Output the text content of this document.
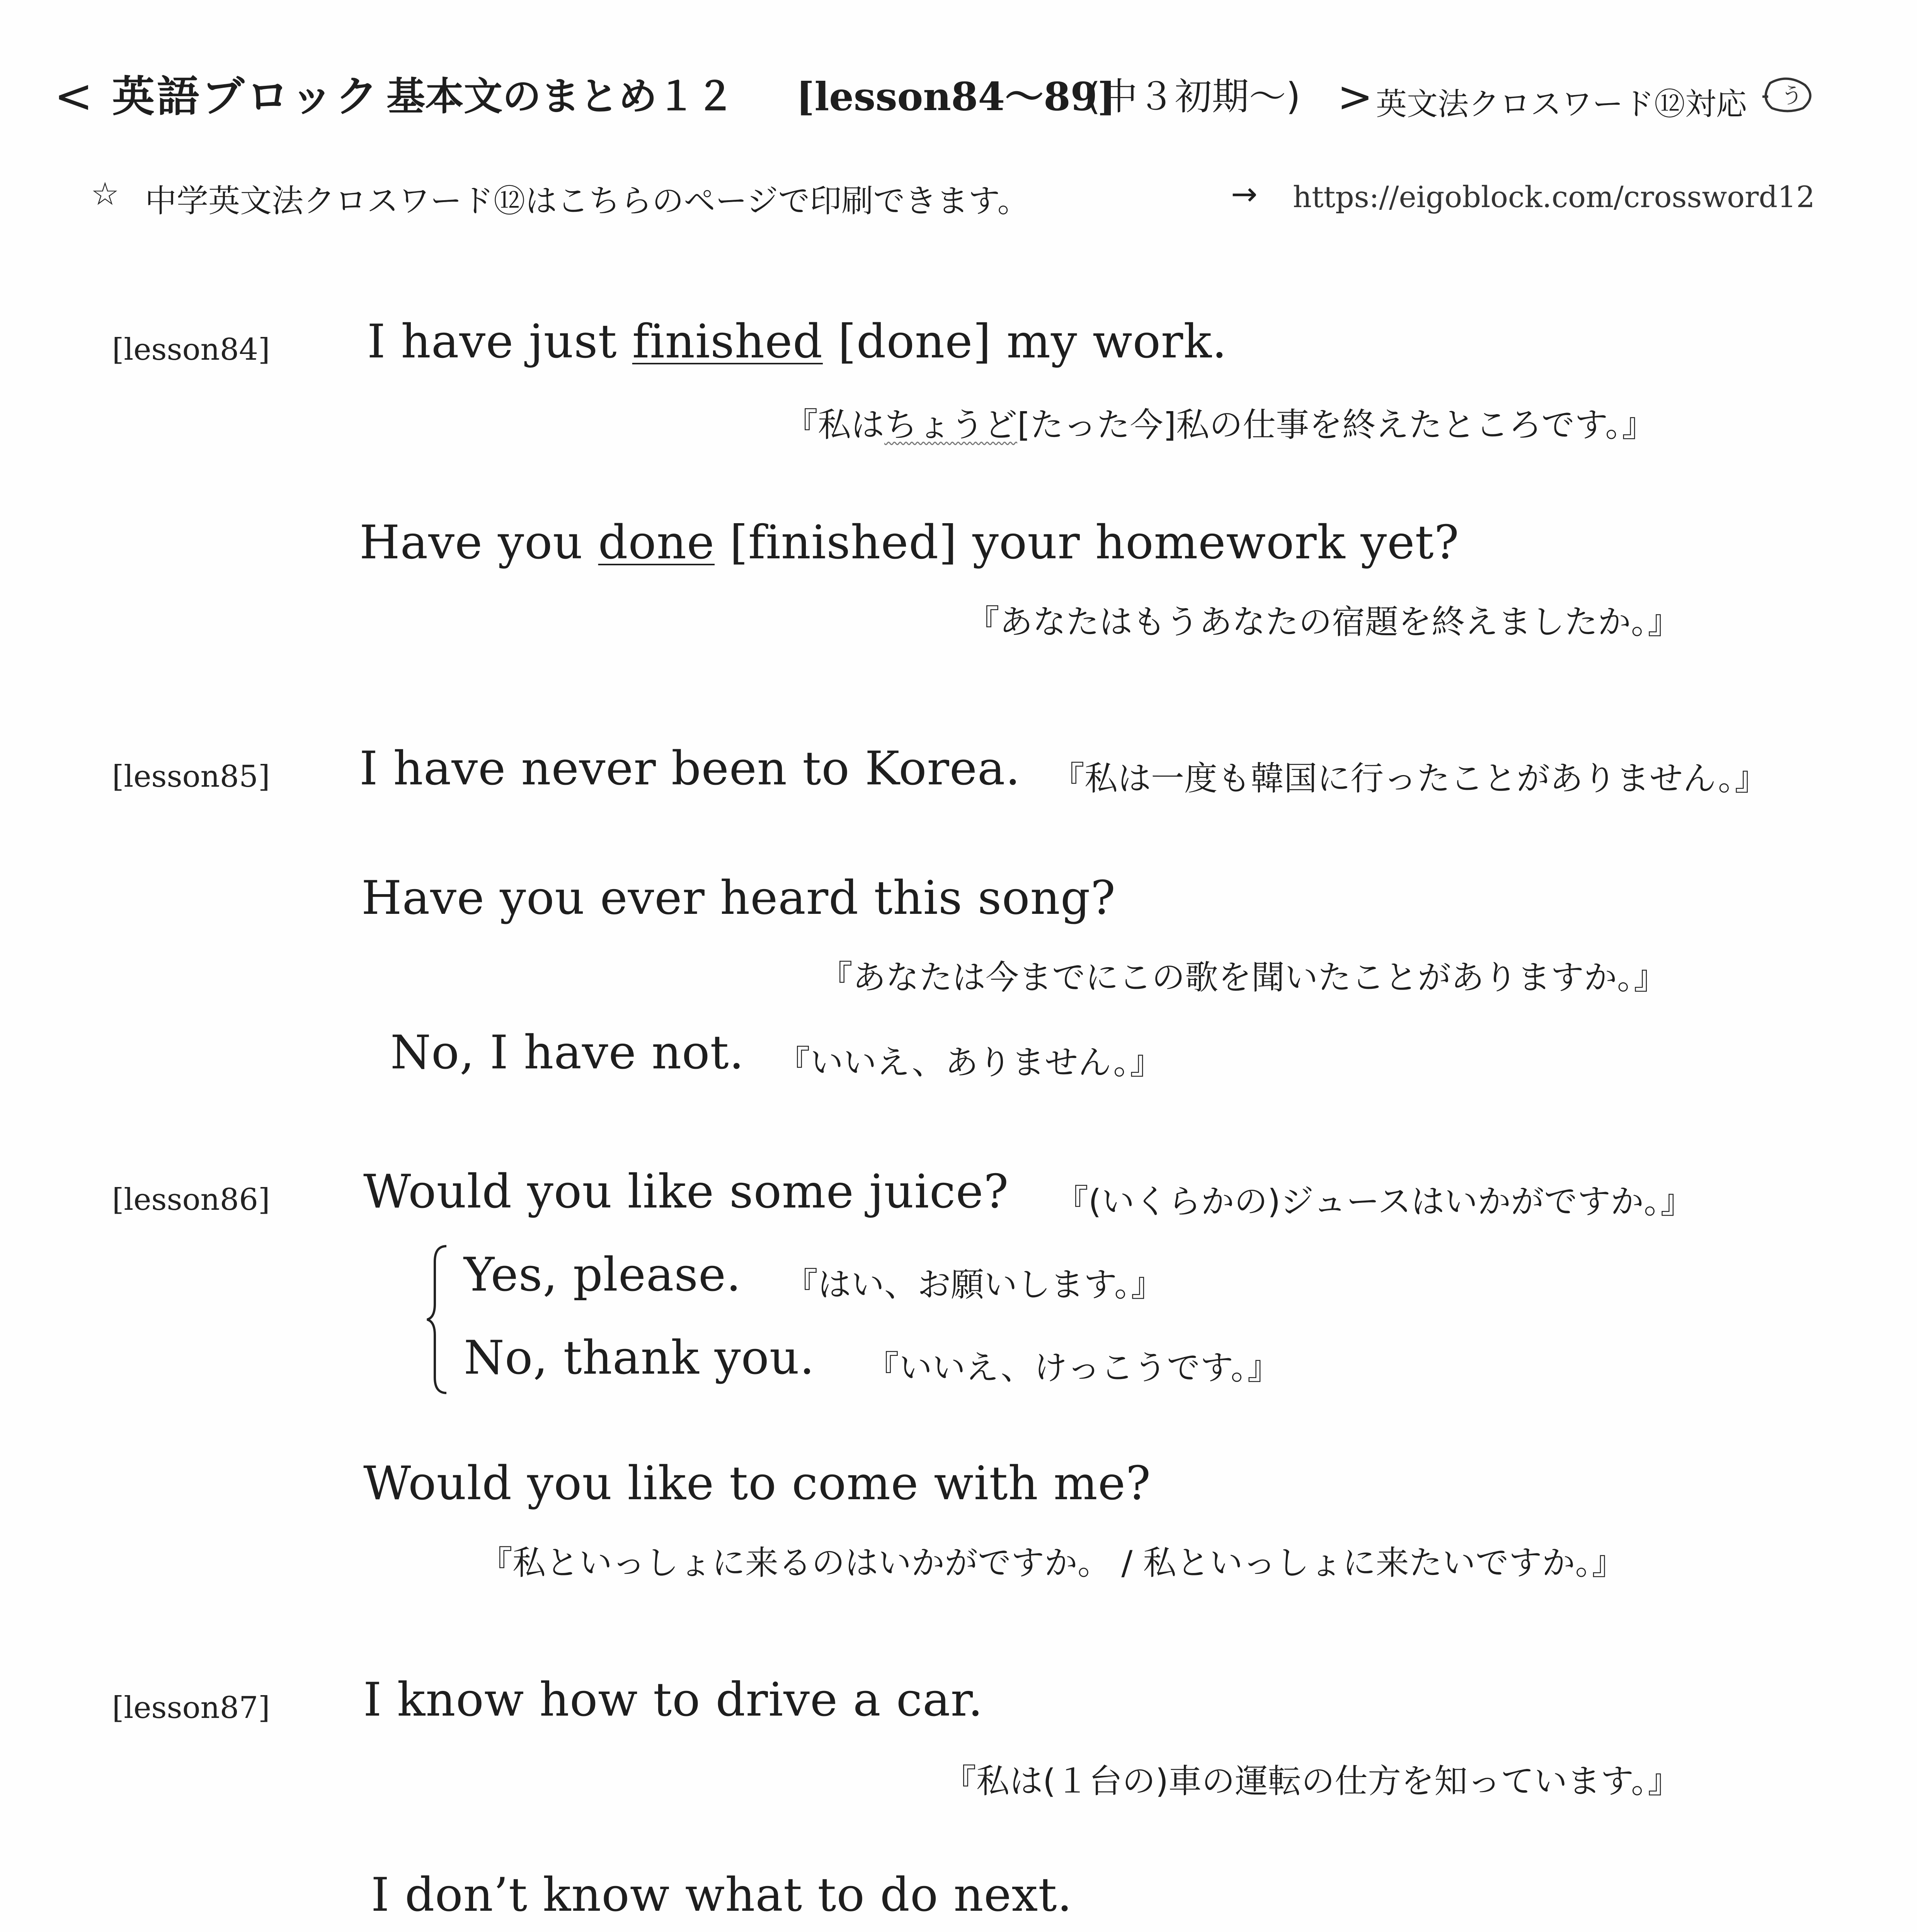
< 英語ブロック 基本文のまとめ１２ [lesson84〜89]
(中３初期〜) > 英文法クロスワード⑫対応 う
☆ 中学英文法クロスワード⑫はこちらのページで印刷できます。	→ https://eigoblock.com/crossword12
[lesson84] I have just finished [done] my work.
『私はちょうど[たった今]私の仕事を終えたところです。』
Have you done [finished] your homework yet?
『あなたはもうあなたの宿題を終えましたか。』
[lesson85] I have never been to Korea. 『私は一度も韓国に行ったことがありません。』
Have you ever heard this song?
『あなたは今までにこの歌を聞いたことがありますか。』
No, I have not. 『いいえ、ありません。』
[lesson86] Would you like some juice? 『(いくらかの)ジュースはいかがですか。』
Yes, please. 『はい、お願いします。』
No, thank you. 『いいえ、けっこうです。』
Would you like to come with me?
『私といっしょに来るのはいかがですか。 / 私といっしょに来たいですか。』
[lesson87] I know how to drive a car.
『私は(１台の)車の運転の仕方を知っています。』
I don’t know what to do next.
